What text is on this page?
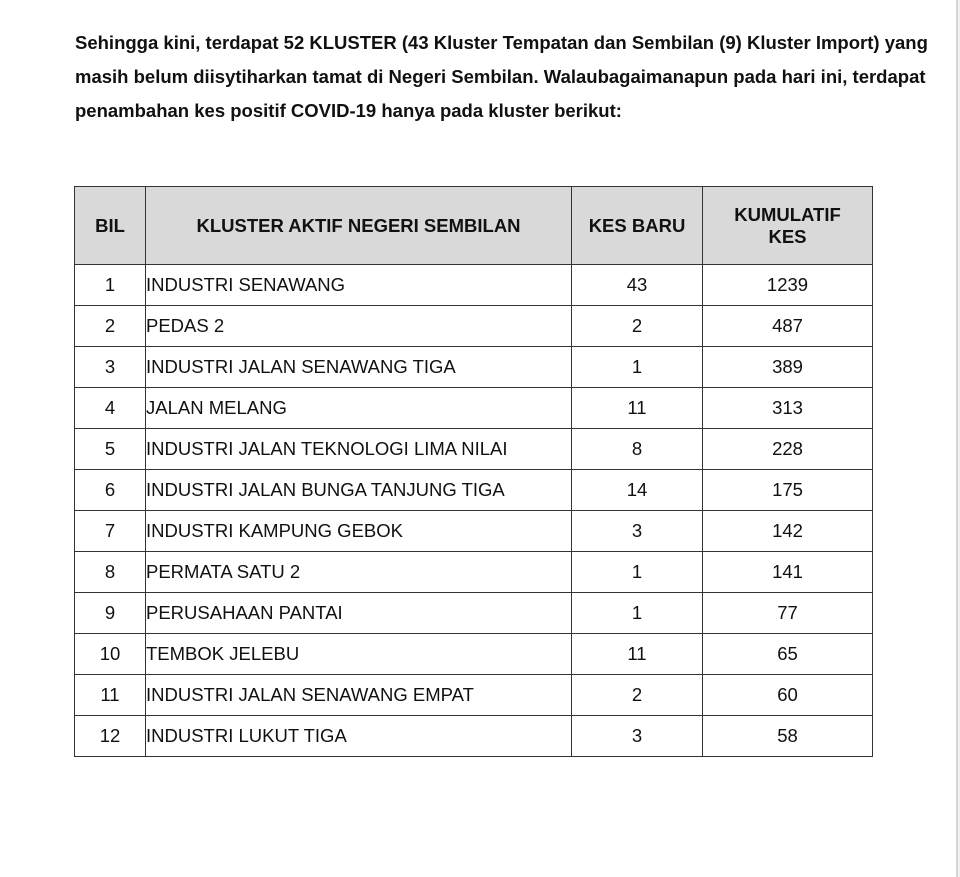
Sehingga kini, terdapat 52 KLUSTER (43 Kluster Tempatan dan Sembilan (9) Kluster Import) yang masih belum diisytiharkan tamat di Negeri Sembilan. Walaubagaimanapun pada hari ini, terdapat penambahan kes positif COVID-19 hanya pada kluster berikut:

BIL	KLUSTER AKTIF NEGERI SEMBILAN	KES BARU	KUMULATIF
KES
1	INDUSTRI SENAWANG	43	1239
2	PEDAS 2	2	487
3	INDUSTRI JALAN SENAWANG TIGA	1	389
4	JALAN MELANG	11	313
5	INDUSTRI JALAN TEKNOLOGI LIMA NILAI	8	228
6	INDUSTRI JALAN BUNGA TANJUNG TIGA	14	175
7	INDUSTRI KAMPUNG GEBOK	3	142
8	PERMATA SATU 2	1	141
9	PERUSAHAAN PANTAI	1	77
10	TEMBOK JELEBU	11	65
11	INDUSTRI JALAN SENAWANG EMPAT	2	60
12	INDUSTRI LUKUT TIGA	3	58
